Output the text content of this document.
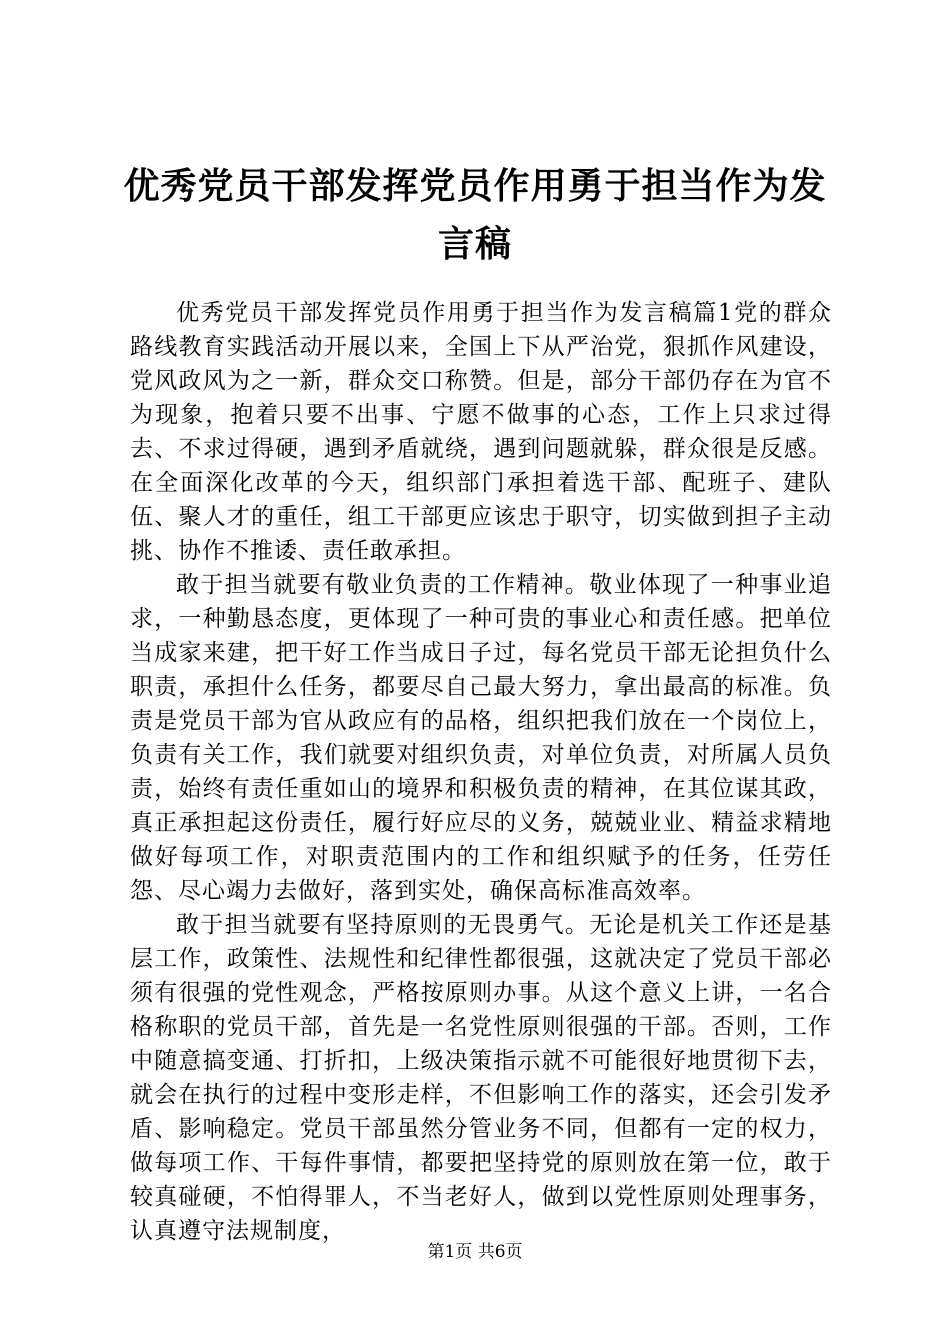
优秀党员干部发挥党员作用勇于担当作为发言稿

优秀党员干部发挥党员作用勇于担当作为发言稿篇1党的群众路线教育实践活动开展以来，全国上下从严治党，狠抓作风建设，党风政风为之一新，群众交口称赞。但是，部分干部仍存在为官不为现象，抱着只要不出事、宁愿不做事的心态，工作上只求过得去、不求过得硬，遇到矛盾就绕，遇到问题就躲，群众很是反感。在全面深化改革的今天，组织部门承担着选干部、配班子、建队伍、聚人才的重任，组工干部更应该忠于职守，切实做到担子主动挑、协作不推诿、责任敢承担。

敢于担当就要有敬业负责的工作精神。敬业体现了一种事业追求，一种勤恳态度，更体现了一种可贵的事业心和责任感。把单位当成家来建，把干好工作当成日子过，每名党员干部无论担负什么职责，承担什么任务，都要尽自己最大努力，拿出最高的标准。负责是党员干部为官从政应有的品格，组织把我们放在一个岗位上，负责有关工作，我们就要对组织负责，对单位负责，对所属人员负责，始终有责任重如山的境界和积极负责的精神，在其位谋其政，真正承担起这份责任，履行好应尽的义务，兢兢业业、精益求精地做好每项工作，对职责范围内的工作和组织赋予的任务，任劳任怨、尽心竭力去做好，落到实处，确保高标准高效率。

敢于担当就要有坚持原则的无畏勇气。无论是机关工作还是基层工作，政策性、法规性和纪律性都很强，这就决定了党员干部必须有很强的党性观念，严格按原则办事。从这个意义上讲，一名合格称职的党员干部，首先是一名党性原则很强的干部。否则，工作中随意搞变通、打折扣，上级决策指示就不可能很好地贯彻下去，就会在执行的过程中变形走样，不但影响工作的落实，还会引发矛盾、影响稳定。党员干部虽然分管业务不同，但都有一定的权力，做每项工作、干每件事情，都要把坚持党的原则放在第一位，敢于较真碰硬，不怕得罪人，不当老好人，做到以党性原则处理事务，认真遵守法规制度，

第1页 共6页
